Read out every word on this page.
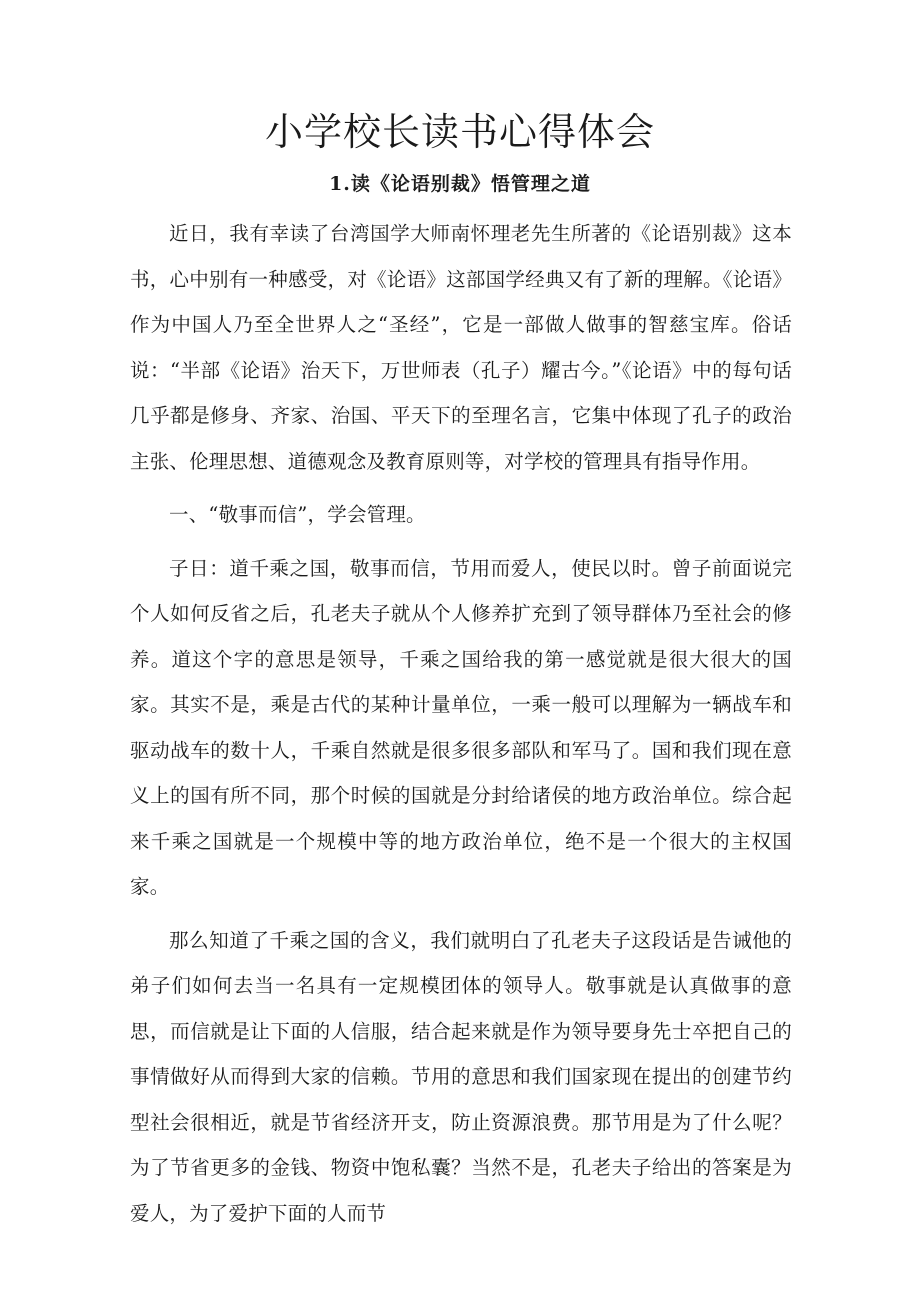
小学校长读书心得体会
1.读《论语别裁》悟管理之道

近日，我有幸读了台湾国学大师南怀理老先生所著的《论语别裁》这本书，心中别有一种感受，对《论语》这部国学经典又有了新的理解。《论语》作为中国人乃至全世界人之“圣经”，它是一部做人做事的智慈宝库。俗话说：“半部《论语》治天下，万世师表（孔子）耀古今。”《论语》中的每句话几乎都是修身、齐家、治国、平天下的至理名言，它集中体现了孔子的政治主张、伦理思想、道德观念及教育原则等，对学校的管理具有指导作用。

一、“敬事而信”，学会管理。

子日：道千乘之国，敬事而信，节用而爱人，使民以时。曾子前面说完个人如何反省之后，孔老夫子就从个人修养扩充到了领导群体乃至社会的修养。道这个字的意思是领导，千乘之国给我的第一感觉就是很大很大的国家。其实不是，乘是古代的某种计量单位，一乘一般可以理解为一辆战车和驱动战车的数十人，千乘自然就是很多很多部队和军马了。国和我们现在意义上的国有所不同，那个时候的国就是分封给诸侯的地方政治单位。综合起来千乘之国就是一个规模中等的地方政治单位，绝不是一个很大的主权国家。

那么知道了千乘之国的含义，我们就明白了孔老夫子这段话是告诫他的弟子们如何去当一名具有一定规模团体的领导人。敬事就是认真做事的意思，而信就是让下面的人信服，结合起来就是作为领导要身先士卒把自己的事情做好从而得到大家的信赖。节用的意思和我们国家现在提出的创建节约型社会很相近，就是节省经济开支，防止资源浪费。那节用是为了什么呢？为了节省更多的金钱、物资中饱私囊？当然不是，孔老夫子给出的答案是为爱人，为了爱护下面的人而节
